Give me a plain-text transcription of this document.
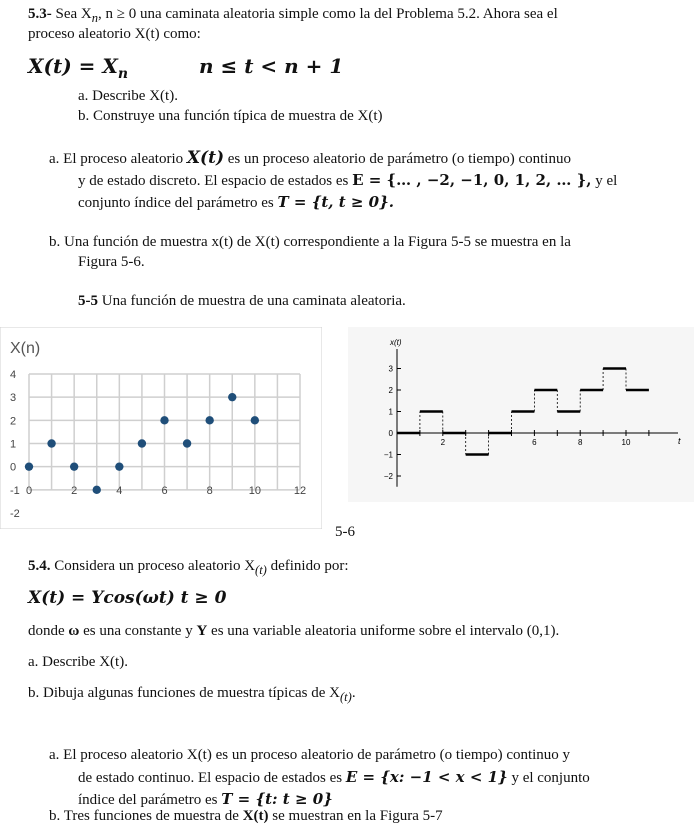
5.3- Sea $X_n$, n ≥ 0 una caminata aleatoria simple como la del Problema 5.2. Ahora sea el
proceso aleatorio X(t) como:
$X(t) = X_n$	n ≤ t < n + 1
a. Describe X(t).
b. Construye una función típica de muestra de X(t)
a. El proceso aleatorio X(t) es un proceso aleatorio de parámetro (o tiempo) continuo
y de estado discreto. El espacio de estados es E = {… , −2, −1, 0, 1, 2, … }, y el
conjunto índice del parámetro es T = {t, t ≥ 0}.
b. Una función de muestra x(t) de X(t) correspondiente a la Figura 5-5 se muestra en la
Figura 5-6.
5-5 Una función de muestra de una caminata aleatoria.
X(n)
4
3
2
1
0
-1
-2
0	2	4	6	8	10	12
x(t)
t
3
2
1
0
−1
−2
2	6	8	10
5-6
5.4. Considera un proceso aleatorio $X_{(t)}$ definido por:
X(t) = Ycos(ωt) t ≥ 0
donde ω es una constante y Y es una variable aleatoria uniforme sobre el intervalo (0,1).
a. Describe X(t).
b. Dibuja algunas funciones de muestra típicas de $X_{(t)}$.
a. El proceso aleatorio X(t) es un proceso aleatorio de parámetro (o tiempo) continuo y
de estado continuo. El espacio de estados es E = {x: −1 < x < 1} y el conjunto
índice del parámetro es T = {t: t ≥ 0}
b. Tres funciones de muestra de X(t) se muestran en la Figura 5-7
